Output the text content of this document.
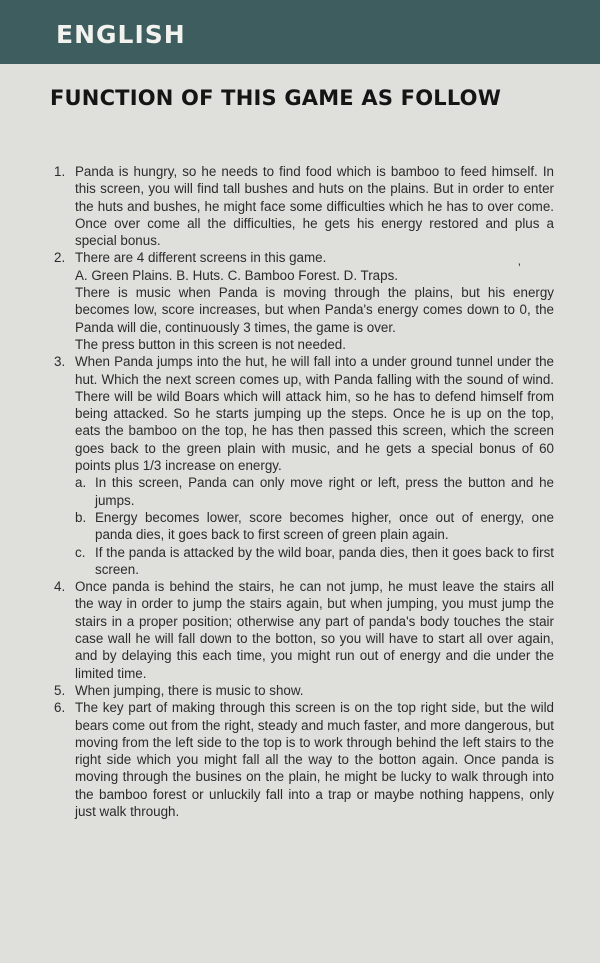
ENGLISH
FUNCTION OF THIS GAME AS FOLLOW
’
1. Panda is hungry, so he needs to find food which is bamboo to feed himself. In this screen, you will find tall bushes and huts on the plains. But in order to enter the huts and bushes, he might face some difficulties which he has to over come. Once over come all the difficulties, he gets his energy restored and plus a special bonus.

2. There are 4 different screens in this game.

A. Green Plains. B. Huts. C. Bamboo Forest. D. Traps.

There is music when Panda is moving through the plains, but his energy becomes low, score increases, but when Panda's energy comes down to 0, the Panda will die, continuously 3 times, the game is over.

The press button in this screen is not needed.

3. When Panda jumps into the hut, he will fall into a under ground tunnel under the hut. Which the next screen comes up, with Panda falling with the sound of wind. There will be wild Boars which will attack him, so he has to defend himself from being attacked. So he starts jumping up the steps. Once he is up on the top, eats the bamboo on the top, he has then passed this screen, which the screen goes back to the green plain with music, and he gets a special bonus of 60 points plus 1/3 increase on energy.

a. In this screen, Panda can only move right or left, press the button and he jumps.
b. Energy becomes lower, score becomes higher, once out of energy, one panda dies, it goes back to first screen of green plain again.
c. If the panda is attacked by the wild boar, panda dies, then it goes back to first screen.
4. Once panda is behind the stairs, he can not jump, he must leave the stairs all the way in order to jump the stairs again, but when jumping, you must jump the stairs in a proper position; otherwise any part of panda's body touches the stair case wall he will fall down to the botton, so you will have to start all over again, and by delaying this each time, you might run out of energy and die under the limited time.

5. When jumping, there is music to show.

6. The key part of making through this screen is on the top right side, but the wild bears come out from the right, steady and much faster, and more dangerous, but moving from the left side to the top is to work through behind the left stairs to the right side which you might fall all the way to the botton again. Once panda is moving through the busines on the plain, he might be lucky to walk through into the bamboo forest or unluckily fall into a trap or maybe nothing happens, only just walk through.
